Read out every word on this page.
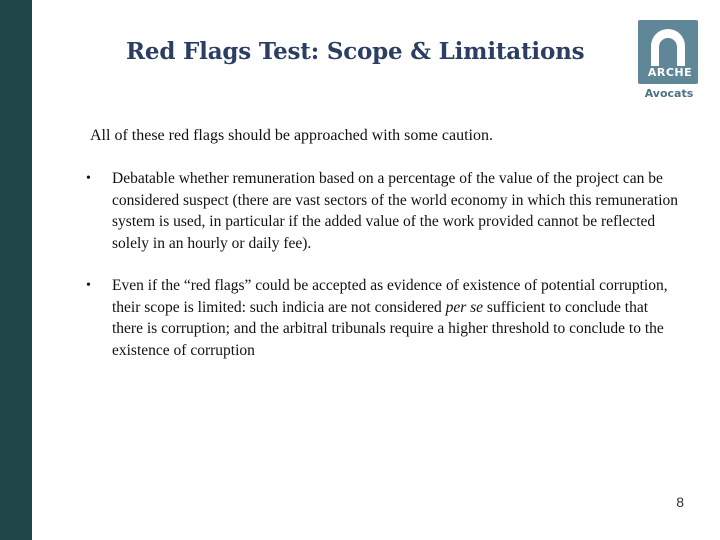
Red Flags Test: Scope & Limitations
ARCHE
Avocats
All of these red flags should be approached with some caution.
•	Debatable whether remuneration based on a percentage of the value of the project can be considered suspect (there are vast sectors of the world economy in which this remuneration system is used, in particular if the added value of the work provided cannot be reflected solely in an hourly or daily fee).
•	Even if the “red flags” could be accepted as evidence of existence of potential corruption, their scope is limited: such indicia are not considered per se sufficient to conclude that there is corruption; and the arbitral tribunals require a higher threshold to conclude to the existence of corruption
8
